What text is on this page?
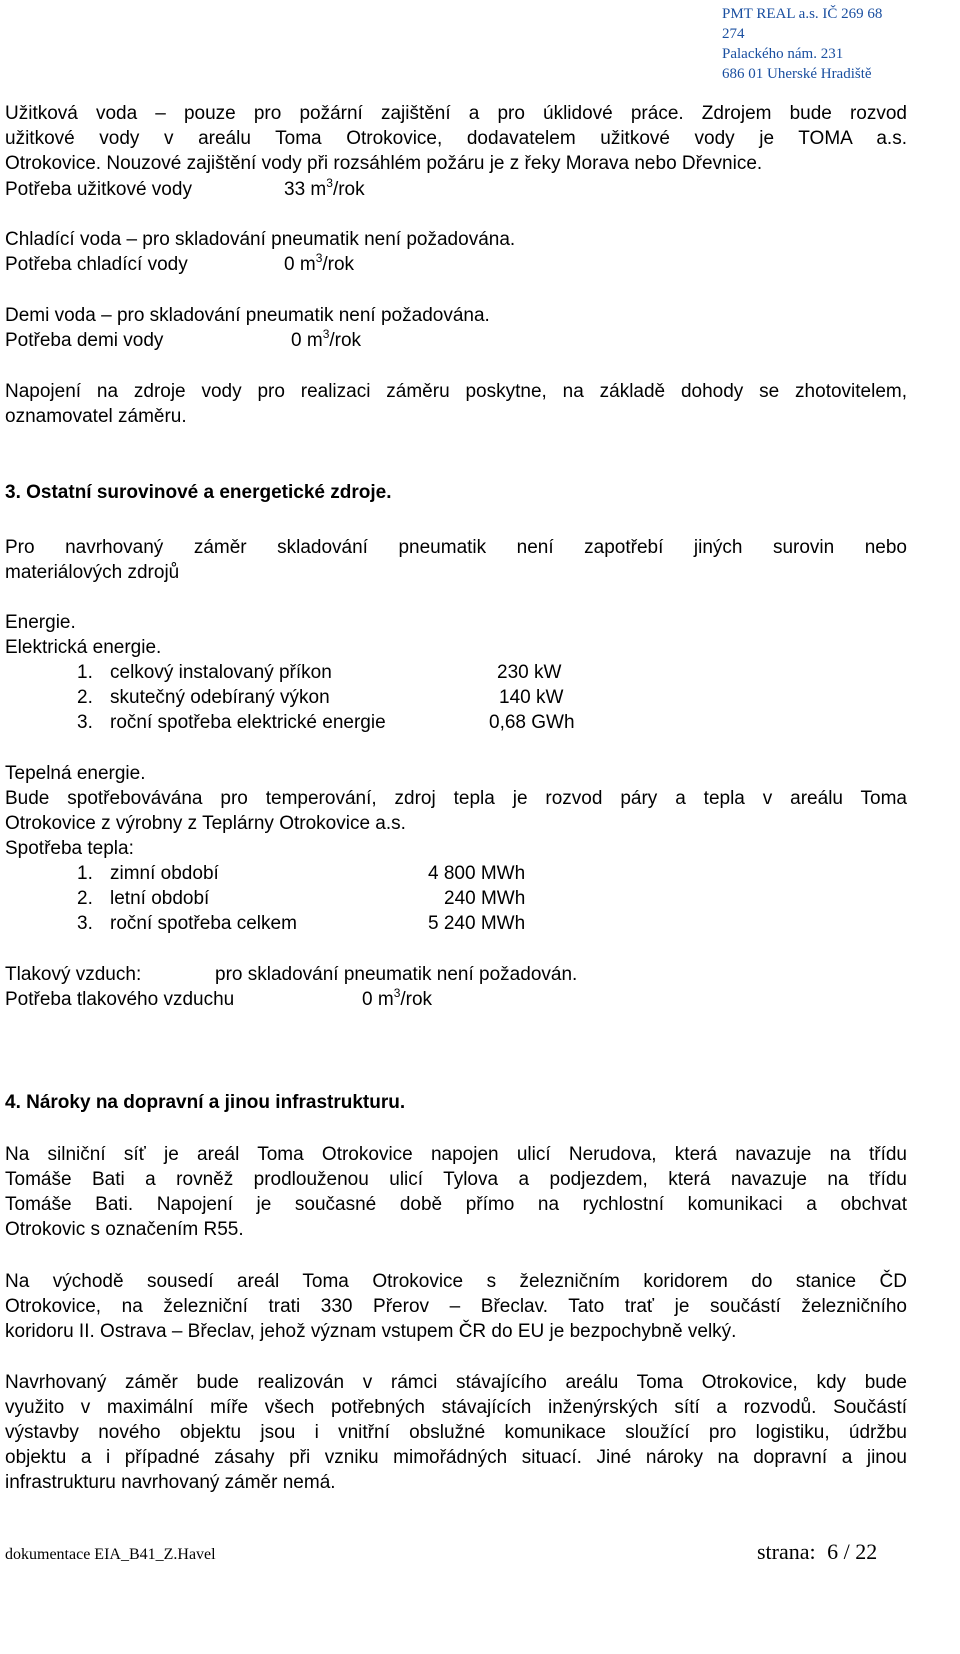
PMT REAL a.s. IČ 269 68 274
Palackého nám. 231
686 01 Uherské Hradiště
Užitková voda – pouze pro požární zajištění a pro úklidové práce. Zdrojem bude rozvod
užitkové vody v areálu Toma Otrokovice, dodavatelem užitkové vody je TOMA a.s.
Otrokovice. Nouzové zajištění vody při rozsáhlém požáru je z řeky Morava nebo Dřevnice.
Potřeba užitkové vody	33 $m^3$/rok
Chladící voda – pro skladování pneumatik není požadována.
Potřeba chladící vody	0 $m^3$/rok
Demi voda – pro skladování pneumatik není požadována.
Potřeba demi vody	0 $m^3$/rok
Napojení na zdroje vody pro realizaci záměru poskytne, na základě dohody se zhotovitelem,
oznamovatel záměru.
3. Ostatní surovinové a energetické zdroje.
Pro navrhovaný záměr skladování pneumatik není zapotřebí jiných surovin nebo
materiálových zdrojů
Energie.
Elektrická energie.
1. celkový instalovaný příkon	230 kW
2. skutečný odebíraný výkon	140 kW
3. roční spotřeba elektrické energie	0,68 GWh
Tepelná energie.
Bude spotřebovávána pro temperování, zdroj tepla je rozvod páry a tepla v areálu Toma
Otrokovice z výrobny z Teplárny Otrokovice a.s.
Spotřeba tepla:
1. zimní období	4 800 MWh
2. letní období	240 MWh
3. roční spotřeba celkem	5 240 MWh
Tlakový vzduch:	pro skladování pneumatik není požadován.
Potřeba tlakového vzduchu	0 $m^3$/rok
4. Nároky na dopravní a jinou infrastrukturu.
Na silniční síť je areál Toma Otrokovice napojen ulicí Nerudova, která navazuje na třídu
Tomáše Bati a rovněž prodlouženou ulicí Tylova a podjezdem, která navazuje na třídu
Tomáše Bati. Napojení je současné době přímo na rychlostní komunikaci a obchvat
Otrokovic s označením R55.
Na východě sousedí areál Toma Otrokovice s železničním koridorem do stanice ČD
Otrokovice, na železniční trati 330 Přerov – Břeclav. Tato trať je součástí železničního
koridoru II. Ostrava – Břeclav, jehož význam vstupem ČR do EU je bezpochybně velký.
Navrhovaný záměr bude realizován v rámci stávajícího areálu Toma Otrokovice, kdy bude
využito v maximální míře všech potřebných stávajících inženýrských sítí a rozvodů. Součástí
výstavby nového objektu jsou i vnitřní obslužné komunikace sloužící pro logistiku, údržbu
objektu a i případné zásahy při vzniku mimořádných situací. Jiné nároky na dopravní a jinou
infrastrukturu navrhovaný záměr nemá.
dokumentace EIA_B41_Z.Havel	strana: 6 / 22
